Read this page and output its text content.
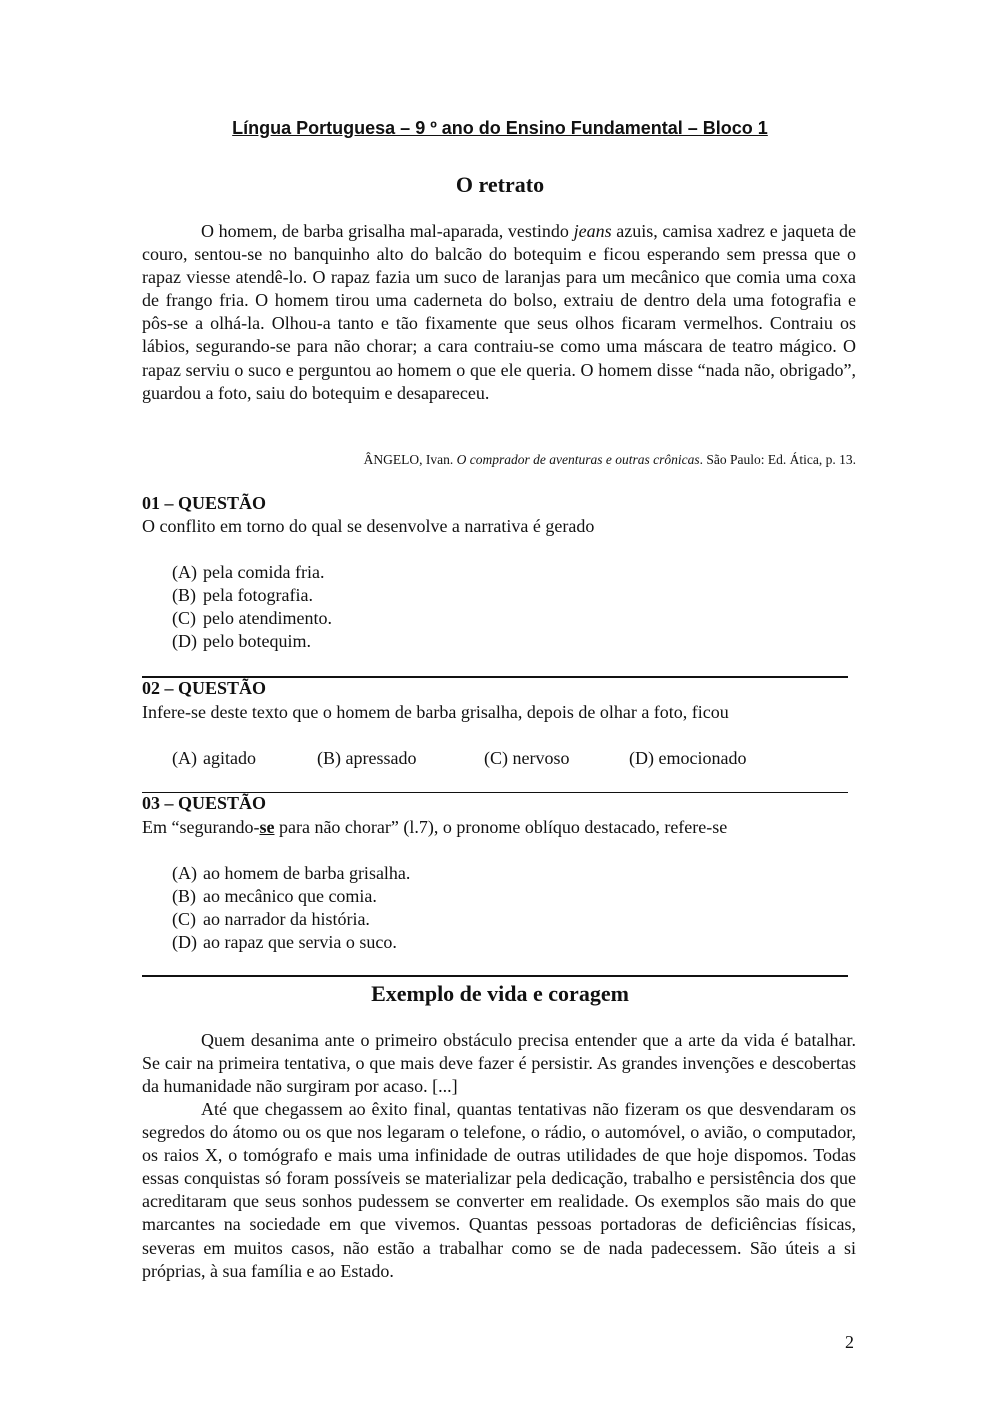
Língua Portuguesa – 9 º ano do Ensino Fundamental – Bloco 1
O retrato

O homem, de barba grisalha mal-aparada, vestindo jeans azuis, camisa xadrez e jaqueta de couro, sentou-se no banquinho alto do balcão do botequim e ficou esperando sem pressa que o rapaz viesse atendê-lo. O rapaz fazia um suco de laranjas para um mecânico que comia uma coxa de frango fria. O homem tirou uma caderneta do bolso, extraiu de dentro dela uma fotografia e pôs-se a olhá-la. Olhou-a tanto e tão fixamente que seus olhos ficaram vermelhos. Contraiu os lábios, segurando-se para não chorar; a cara contraiu-se como uma máscara de teatro mágico. O rapaz serviu o suco e perguntou ao homem o que ele queria. O homem disse “nada não, obrigado”, guardou a foto, saiu do botequim e desapareceu.

ÂNGELO, Ivan. O comprador de aventuras e outras crônicas. São Paulo: Ed. Ática, p. 13.
01 – QUESTÃO
O conflito em torno do qual se desenvolve a narrativa é gerado
(A) pela comida fria.
(B) pela fotografia.
(C) pelo atendimento.
(D) pelo botequim.
02 – QUESTÃO
Infere-se deste texto que o homem de barba grisalha, depois de olhar a foto, ficou
(A) agitado	(B) apressado	(C) nervoso	(D) emocionado
03 – QUESTÃO
Em “segurando-se para não chorar” (l.7), o pronome oblíquo destacado, refere-se
(A) ao homem de barba grisalha.
(B) ao mecânico que comia.
(C) ao narrador da história.
(D) ao rapaz que servia o suco.
Exemplo de vida e coragem

Quem desanima ante o primeiro obstáculo precisa entender que a arte da vida é batalhar. Se cair na primeira tentativa, o que mais deve fazer é persistir. As grandes invenções e descobertas da humanidade não surgiram por acaso. [...]

Até que chegassem ao êxito final, quantas tentativas não fizeram os que desvendaram os segredos do átomo ou os que nos legaram o telefone, o rádio, o automóvel, o avião, o computador, os raios X, o tomógrafo e mais uma infinidade de outras utilidades de que hoje dispomos. Todas essas conquistas só foram possíveis se materializar pela dedicação, trabalho e persistência dos que acreditaram que seus sonhos pudessem se converter em realidade. Os exemplos são mais do que marcantes na sociedade em que vivemos. Quantas pessoas portadoras de deficiências físicas, severas em muitos casos, não estão a trabalhar como se de nada padecessem. São úteis a si próprias, à sua família e ao Estado.

2
